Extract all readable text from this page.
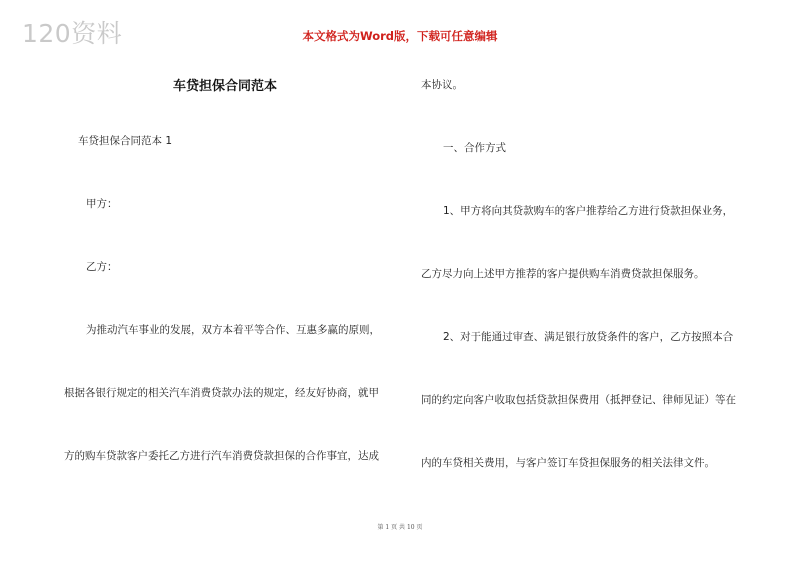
120资料	本文格式为Word版，下载可任意编辑
车贷担保合同范本
车贷担保合同范本 1
甲方：
乙方：
为推动汽车事业的发展，双方本着平等合作、互惠多赢的原则，
根据各银行规定的相关汽车消费贷款办法的规定，经友好协商，就甲
方的购车贷款客户委托乙方进行汽车消费贷款担保的合作事宜，达成
本协议。
一、合作方式
1、甲方将向其贷款购车的客户推荐给乙方进行贷款担保业务，
乙方尽力向上述甲方推荐的客户提供购车消费贷款担保服务。
2、对于能通过审查、满足银行放贷条件的客户，乙方按照本合
同的约定向客户收取包括贷款担保费用（抵押登记、律师见证）等在
内的车贷相关费用，与客户签订车贷担保服务的相关法律文件。
第 1 页 共 10 页
